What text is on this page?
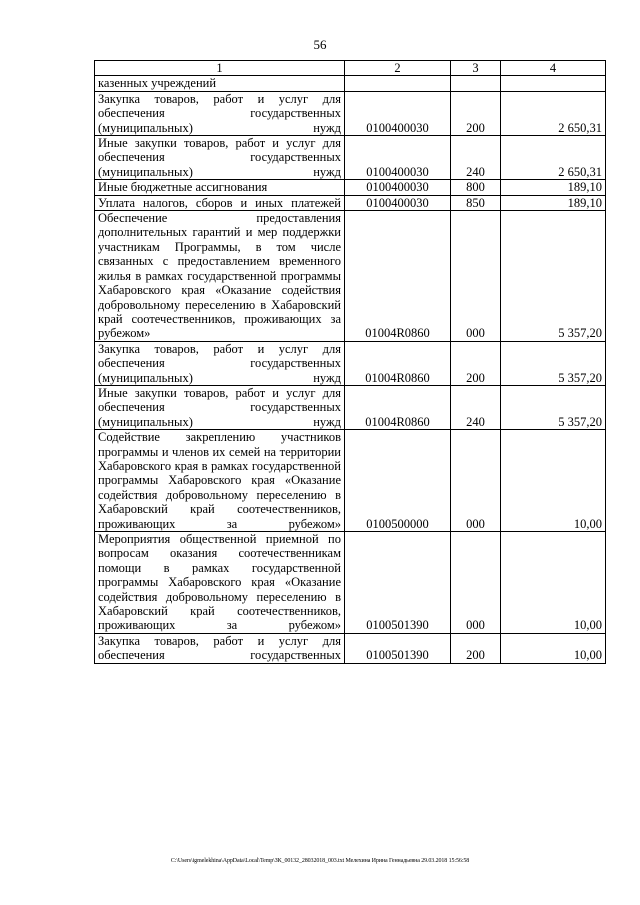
56
1	2	3	4
казенных учреждений			
Закупка товаров, работ и услуг для обеспечения государственных (муниципальных) нужд	0100400030	200	2 650,31
Иные закупки товаров, работ и услуг для обеспечения государственных (муниципальных) нужд	0100400030	240	2 650,31
Иные бюджетные ассигнования	0100400030	800	189,10
Уплата налогов, сборов и иных платежей	0100400030	850	189,10
Обеспечение предоставления дополнительных гарантий и мер поддержки участникам Программы, в том числе связанных с предоставлением временного жилья в рамках государственной программы Хабаровского края «Оказание содействия добровольному переселению в Хабаровский край соотечественников, проживающих за рубежом»	01004R0860	000	5 357,20
Закупка товаров, работ и услуг для обеспечения государственных (муниципальных) нужд	01004R0860	200	5 357,20
Иные закупки товаров, работ и услуг для обеспечения государственных (муниципальных) нужд	01004R0860	240	5 357,20
Содействие закреплению участников программы и членов их семей на территории Хабаровского края в рамках государственной программы Хабаровского края «Оказание содействия добровольному переселению в Хабаровский край соотечественников, проживающих за рубежом»	0100500000	000	10,00
Мероприятия общественной приемной по вопросам оказания соотечественникам помощи в рамках государственной программы Хабаровского края «Оказание содействия добровольному переселению в Хабаровский край соотечественников, проживающих за рубежом»	0100501390	000	10,00
Закупка товаров, работ и услуг для обеспечения государственных	0100501390	200	10,00
C:\Users\igmelekhina\AppData\Local\Temp\ЗК_00132_28032018_003.txt Мелехина Ирина Геннадьевна 29.03.2018 15:56:58
